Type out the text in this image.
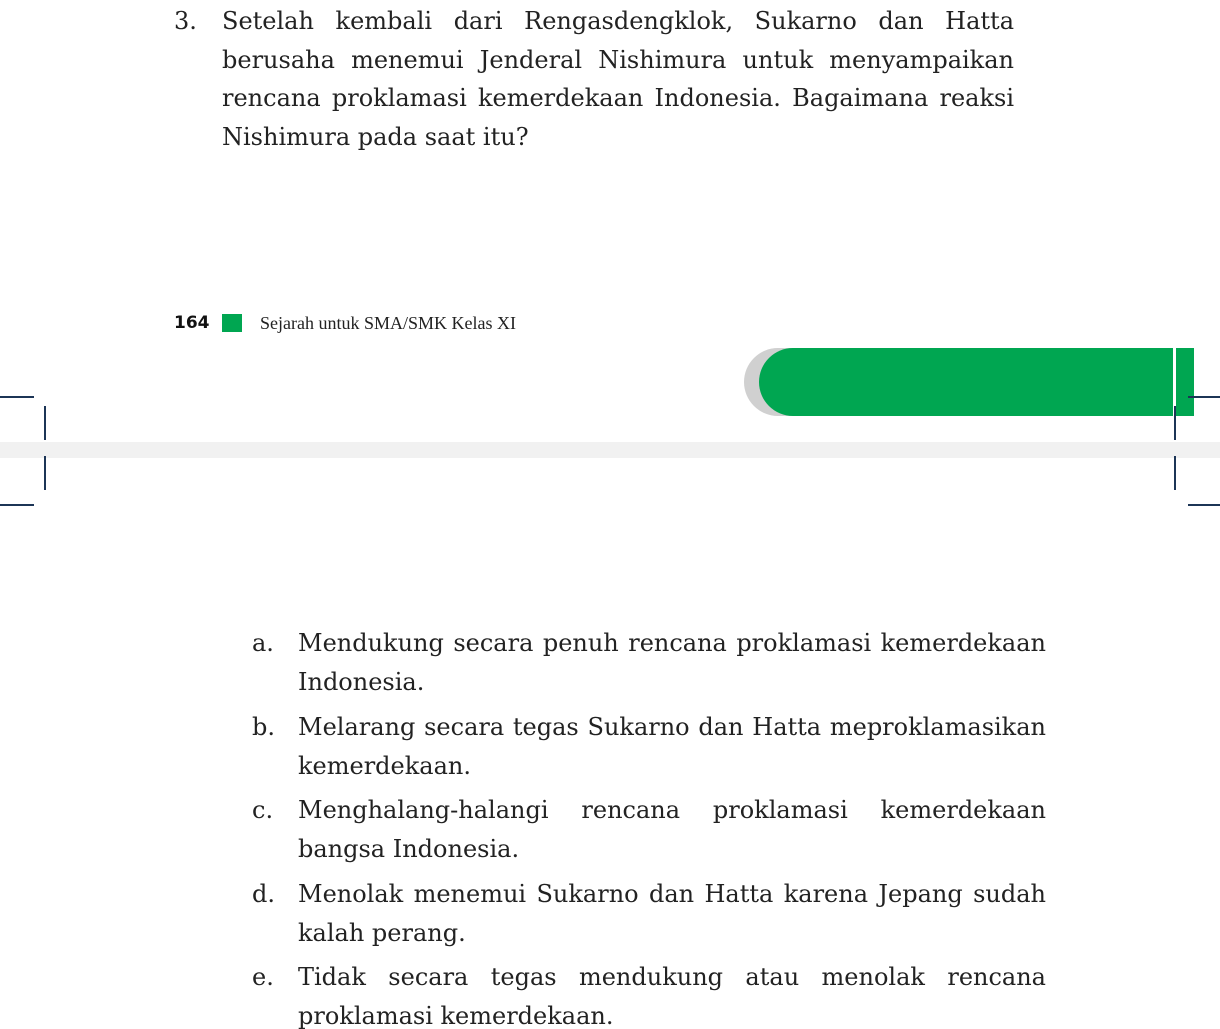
3. Setelah kembali dari Rengasdengklok, Sukarno dan Hatta berusaha menemui Jenderal Nishimura untuk menyampaikan rencana proklamasi kemerdekaan Indonesia. Bagaimana reaksi Nishimura pada saat itu?
164	Sejarah untuk SMA/SMK Kelas XI
a. Mendukung secara penuh rencana proklamasi kemerdekaan Indonesia.
b. Melarang secara tegas Sukarno dan Hatta meproklamasikan kemerdekaan.
c. Menghalang-halangi rencana proklamasi kemerdekaan bangsa Indonesia.
d. Menolak menemui Sukarno dan Hatta karena Jepang sudah kalah perang.
e. Tidak secara tegas mendukung atau menolak rencana proklamasi kemerdekaan.
